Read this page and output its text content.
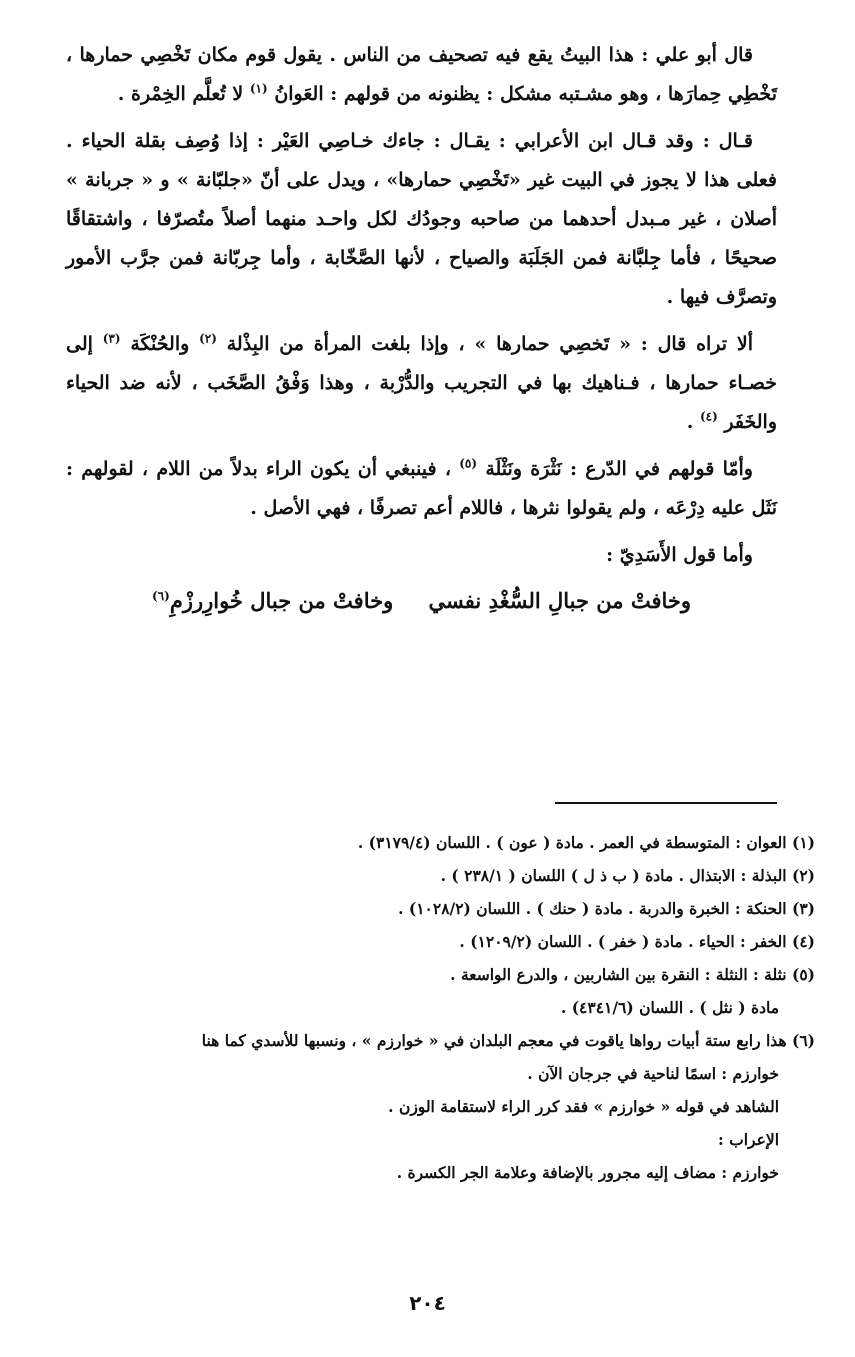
قال أبو علي : هذا البيتُ يقع فيه تصحيف من الناس . يقول قوم مكان تَخْصِي حمارها ، تَخْطِي حِمارَها ، وهو مشـتبه مشكل : يظنونه من قولهم : العَوانُ $^{(١)}$ لا تُعلَّم الخِمْرة .

قـال : وقد قـال ابن الأعرابي : يقـال : جاءك خـاصِي العَيْر : إذا وُصِف بقلة الحياء . فعلى هذا لا يجوز في البيت غير «تَخْصِي حمارها» ، ويدل على أنّ «جلبّانة » و « جربانة » أصلان ، غير مـبدل أحدهما من صاحبه وجودُك لكل واحـد منهما أصلاً متُصرّفا ، واشتقاقًا صحيحًا ، فأما جِلبَّانة فمن الجَلَبَة والصياح ، لأنها الصَّخّابة ، وأما جِربّانة فمن جرَّب الأمور وتصرَّف فيها .

ألا تراه قال : « تَخصِي حمارها » ، وإذا بلغت المرأة من البِذْلة $^{(٢)}$ والحُنْكَة $^{(٣)}$ إلى خصـاء حمارها ، فـناهيك بها في التجريب والدُّرْبة ، وهذا وَفْقُ الصَّخَب ، لأنه ضد الحياء والخَفَر $^{(٤)}$ .

وأمّا قولهم في الدّرع : نَثْرَة ونَثْلَة $^{(٥)}$ ، فينبغي أن يكون الراء بدلاً من اللام ، لقولهم : نَثَل عليه دِرْعَه ، ولم يقولوا نثرها ، فاللام أعم تصرفًا ، فهي الأصل .

وأما قول الأَسَدِيّ :

وخافتْ من جبالِ السُّغْدِ نفسي وخافتْ من جبال خُوارِرزْمِ$^{(٦)}$

(١) العوان : المتوسطة في العمر . مادة ( عون ) . اللسان (٣١٧٩/٤) .

(٢) البذلة : الابتذال . مادة ( ب ذ ل ) اللسان ( ٢٣٨/١ ) .

(٣) الحنكة : الخبرة والدربة . مادة ( حنك ) . اللسان (١٠٢٨/٢) .

(٤) الخفر : الحياء . مادة ( خفر ) . اللسان (١٢٠٩/٢) .

(٥) نثلة : النثلة : النقرة بين الشاربين ، والدرع الواسعة .

مادة ( نثل ) . اللسان (٤٣٤١/٦) .

(٦) هذا رابع ستة أبيات رواها ياقوت في معجم البلدان في « خوارزم » ، ونسبها للأسدي كما هنا

خوارزم : اسمًا لناحية في جرجان الآن .

الشاهد في قوله « خوارزم » فقد كرر الراء لاستقامة الوزن .

الإعراب :

خوارزم : مضاف إليه مجرور بالإضافة وعلامة الجر الكسرة .

٢٠٤
